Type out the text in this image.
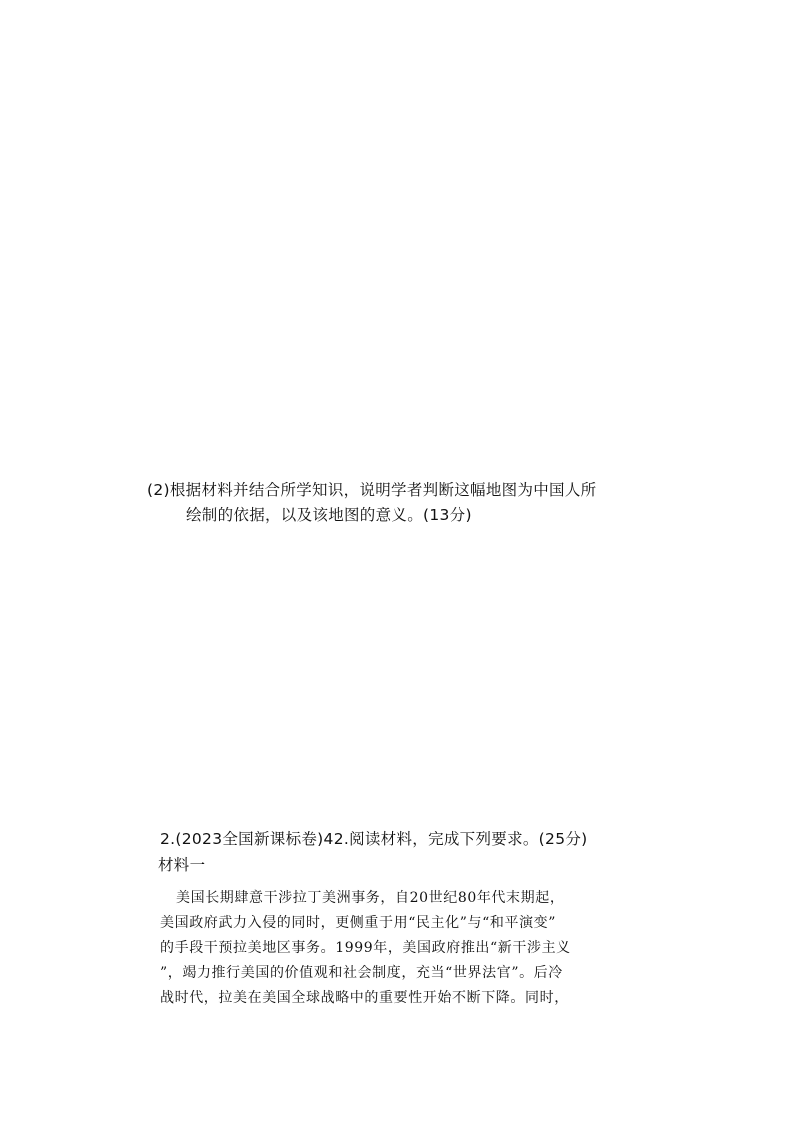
(2)根据材料并结合所学知识，说明学者判断这幅地图为中国人所
绘制的依据，以及该地图的意义。(13分)
2.(2023全国新课标卷)42.阅读材料，完成下列要求。(25分)
材料一
美国长期肆意干涉拉丁美洲事务，自20世纪80年代末期起，
美国政府武力入侵的同时，更侧重于用“民主化”与“和平演变”
的手段干预拉美地区事务。1999年，美国政府推出“新干涉主义
”，竭力推行美国的价值观和社会制度，充当“世界法官”。后冷
战时代，拉美在美国全球战略中的重要性开始不断下降。同时，
